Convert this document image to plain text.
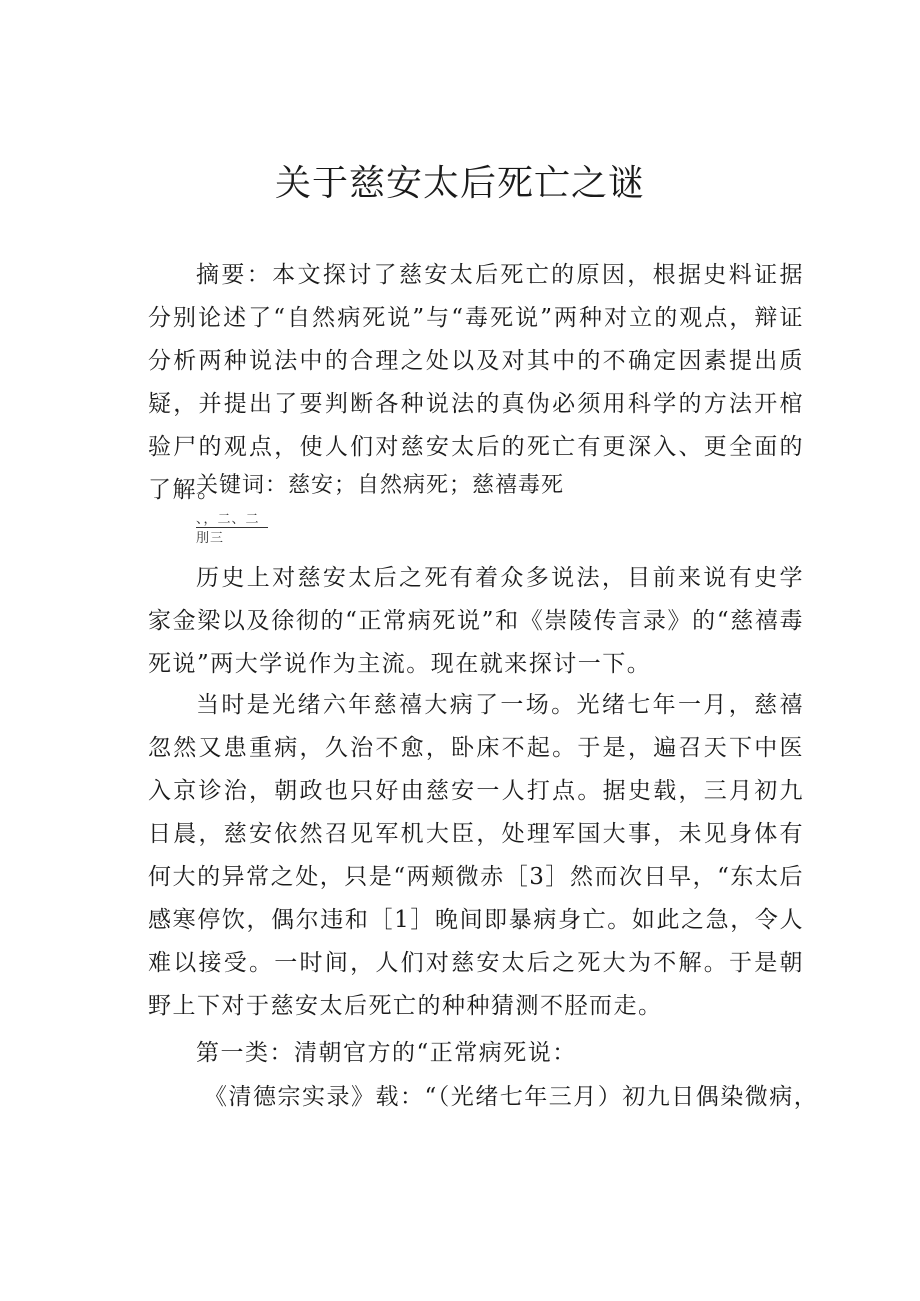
关于慈安太后死亡之谜

摘要：本文探讨了慈安太后死亡的原因，根据史料证据分别论述了“自然病死说”与“毒死说”两种对立的观点，辩证分析两种说法中的合理之处以及对其中的不确定因素提出质疑，并提出了要判断各种说法的真伪必须用科学的方法开棺验尸的观点，使人们对慈安太后的死亡有更深入、更全面的了解。

关键词：慈安；自然病死；慈禧毒死

、，二、二
刖三

历史上对慈安太后之死有着众多说法，目前来说有史学家金梁以及徐彻的“正常病死说”和《崇陵传言录》的“慈禧毒死说”两大学说作为主流。现在就来探讨一下。

当时是光绪六年慈禧大病了一场。光绪七年一月，慈禧忽然又患重病，久治不愈，卧床不起。于是，遍召天下中医入京诊治，朝政也只好由慈安一人打点。据史载，三月初九日晨，慈安依然召见军机大臣，处理军国大事，未见身体有何大的异常之处，只是“两颊微赤［3］然而次日早，“东太后感寒停饮，偶尔违和［1］晚间即暴病身亡。如此之急，令人难以接受。一时间，人们对慈安太后之死大为不解。于是朝野上下对于慈安太后死亡的种种猜测不胫而走。

第一类：清朝官方的“正常病死说：

《清德宗实录》载：“（光绪七年三月）初九日偶染微病，
